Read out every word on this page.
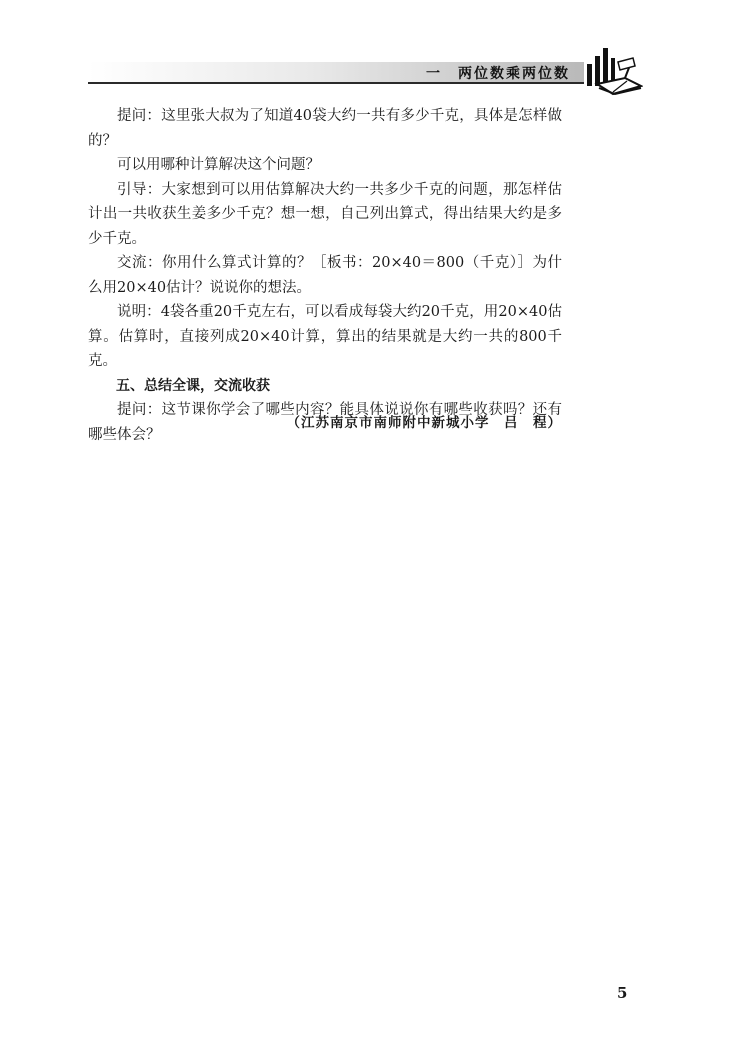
一　两位数乘两位数

提问：这里张大叔为了知道40袋大约一共有多少千克，具体是怎样做的？

可以用哪种计算解决这个问题？

引导：大家想到可以用估算解决大约一共多少千克的问题，那怎样估计出一共收获生姜多少千克？想一想，自己列出算式，得出结果大约是多少千克。

交流：你用什么算式计算的？［板书：20×40＝800（千克）］为什么用20×40估计？说说你的想法。

说明：4袋各重20千克左右，可以看成每袋大约20千克，用20×40估算。估算时，直接列成20×40计算，算出的结果就是大约一共的800千克。

五、总结全课，交流收获

提问：这节课你学会了哪些内容？能具体说说你有哪些收获吗？还有哪些体会？

（江苏南京市南师附中新城小学　吕　程）
5
